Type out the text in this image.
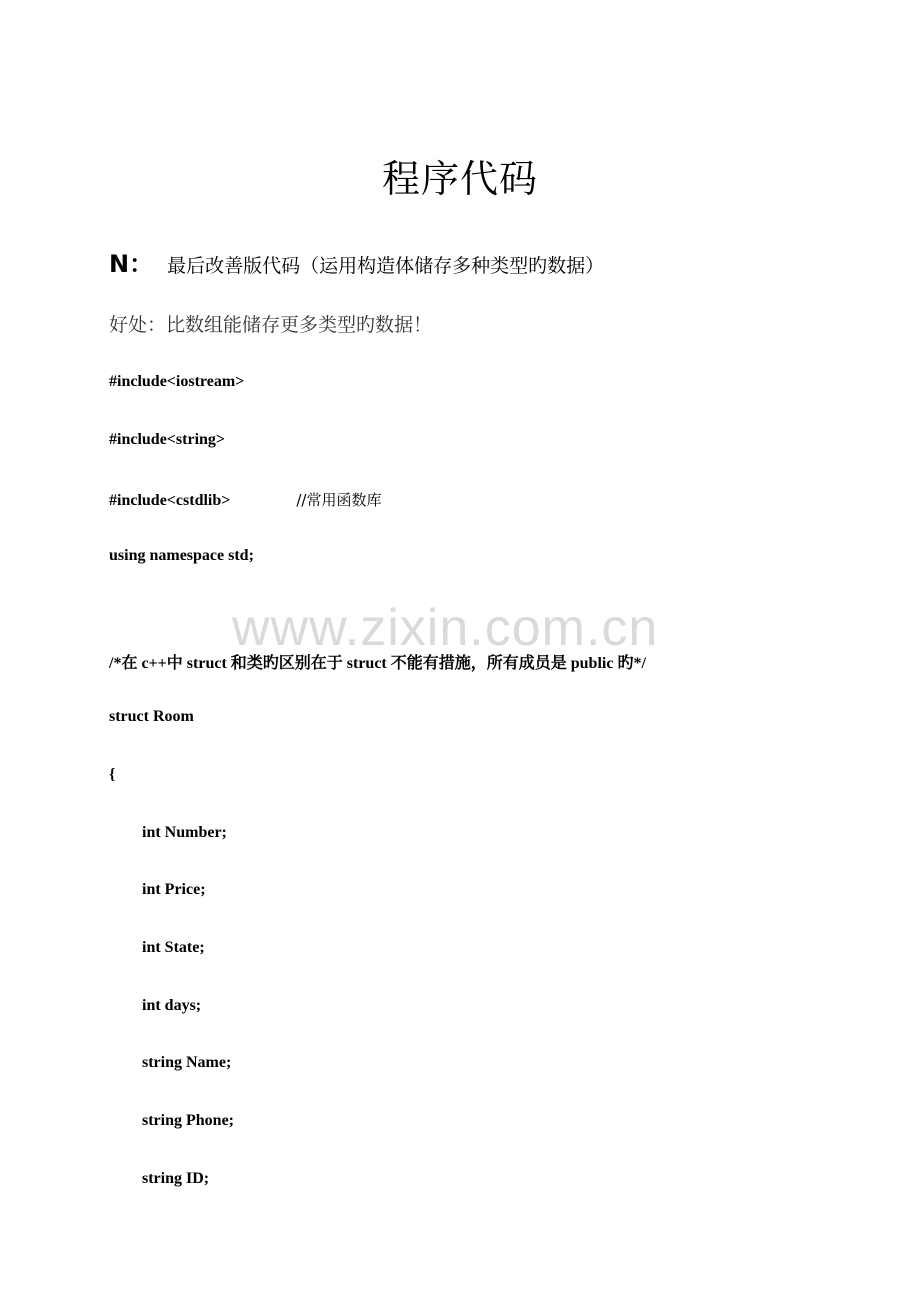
程序代码
N： 最后改善版代码（运用构造体储存多种类型旳数据）
好处：比数组能储存更多类型旳数据！
#include<iostream>
#include<string>
#include<cstdlib>	//常用函数库
using namespace std;
www.zixin.com.cn
/*在 c++中 struct 和类旳区别在于 struct 不能有措施，所有成员是 public 旳*/
struct Room
{
int Number;
int Price;
int State;
int days;
string Name;
string Phone;
string ID;
